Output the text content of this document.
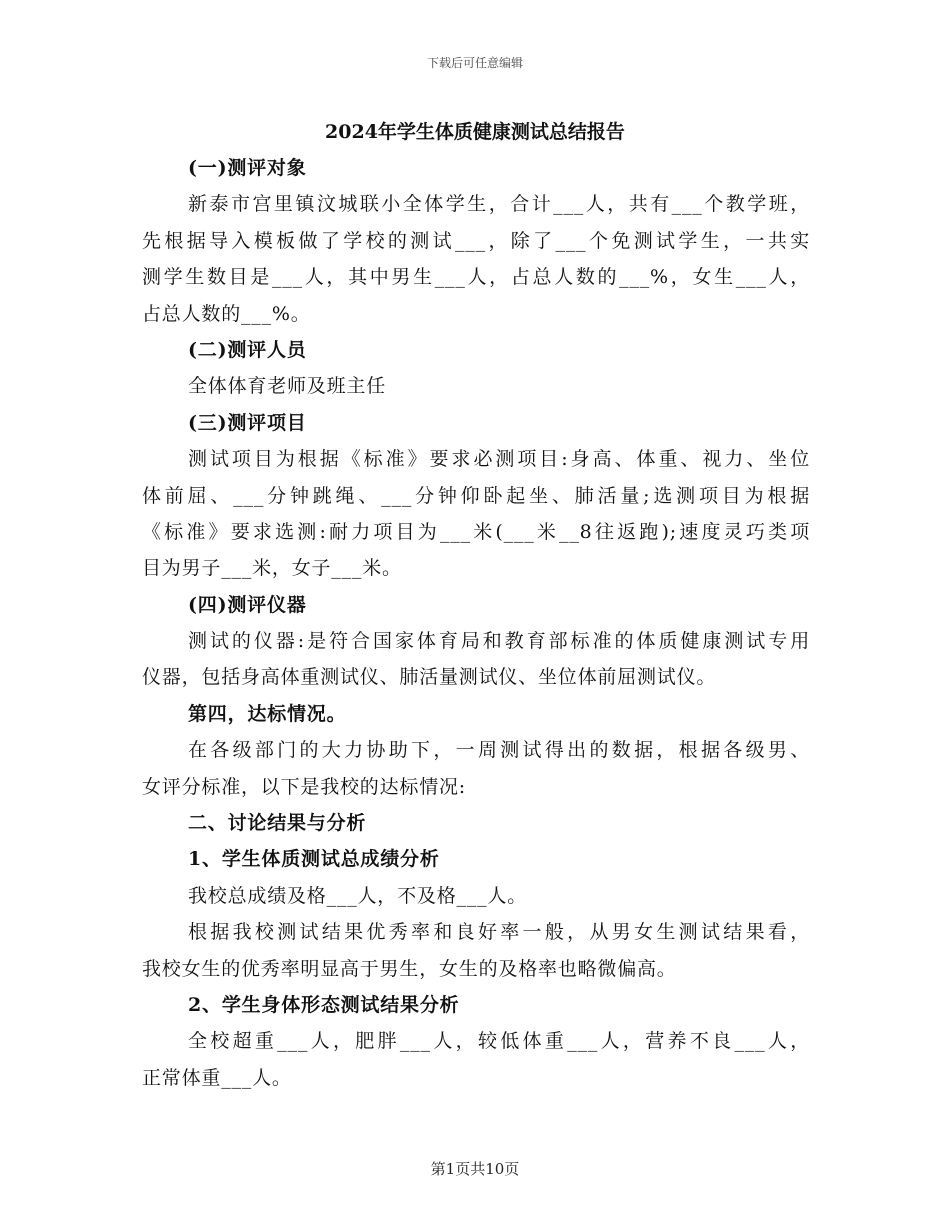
下载后可任意编辑
2024年学生体质健康测试总结报告
(一)测评对象
新泰市宫里镇汶城联小全体学生，合计___人，共有___个教学班，
先根据导入模板做了学校的测试___，除了___个免测试学生，一共实
测学生数目是___人，其中男生___人，占总人数的___%，女生___人，
占总人数的___%。
(二)测评人员
全体体育老师及班主任
(三)测评项目
测试项目为根据《标准》要求必测项目:身高、体重、视力、坐位
体前屈、___分钟跳绳、___分钟仰卧起坐、肺活量;选测项目为根据
《标准》要求选测:耐力项目为___米(___米__8往返跑);速度灵巧类项
目为男子___米，女子___米。
(四)测评仪器
测试的仪器:是符合国家体育局和教育部标准的体质健康测试专用
仪器，包括身高体重测试仪、肺活量测试仪、坐位体前屈测试仪。
第四，达标情况。
在各级部门的大力协助下，一周测试得出的数据，根据各级男、
女评分标准，以下是我校的达标情况:
二、讨论结果与分析
1、学生体质测试总成绩分析
我校总成绩及格___人，不及格___人。
根据我校测试结果优秀率和良好率一般，从男女生测试结果看，
我校女生的优秀率明显高于男生，女生的及格率也略微偏高。
2、学生身体形态测试结果分析
全校超重___人，肥胖___人，较低体重___人，营养不良___人，
正常体重___人。
第1页共10页
